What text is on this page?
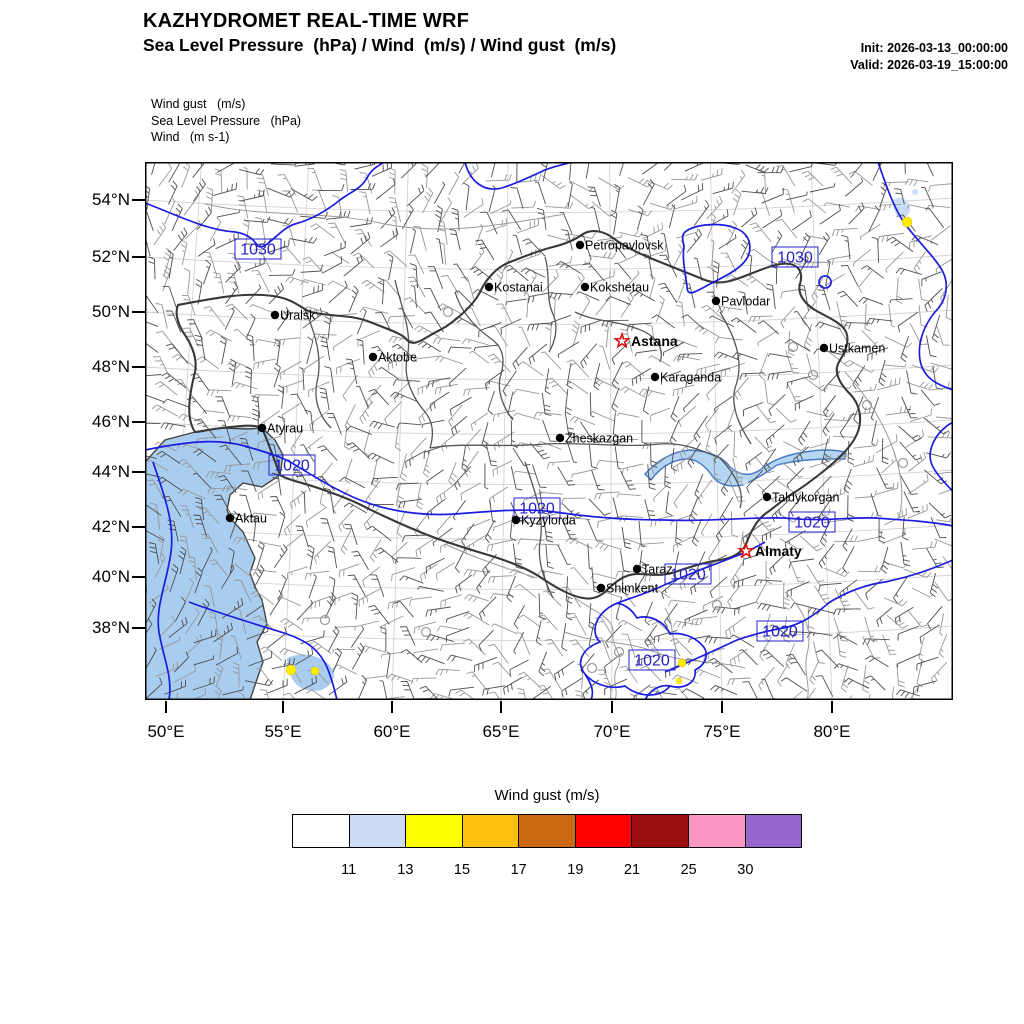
KAZHYDROMET REAL-TIME WRF
Sea Level Pressure  (hPa) / Wind  (m/s) / Wind gust  (m/s)	Init: 2026-03-13_00:00:00
Valid: 2026-03-19_15:00:00
Wind gust   (m/s)
Sea Level Pressure   (hPa)
Wind   (m s-1)
54°N
52°N
50°N
48°N
46°N
44°N
42°N
40°N
38°N
50°E	55°E	60°E	65°E	70°E	75°E	80°E
1030	1030
1020
1020
1020
1020
1020
1020
Petropavlovsk
Kostanai	Kokshetau
Pavlodar
Uralsk
Astana	Ustkamen
Aktobe
Karaganda
Atyrau
Zheskazgan
Taldykorgan
Aktau	Kyzylorda
Almaty
Taraz
Shimkent
Wind gust (m/s)
11	13	15	17	19	21	25	30
